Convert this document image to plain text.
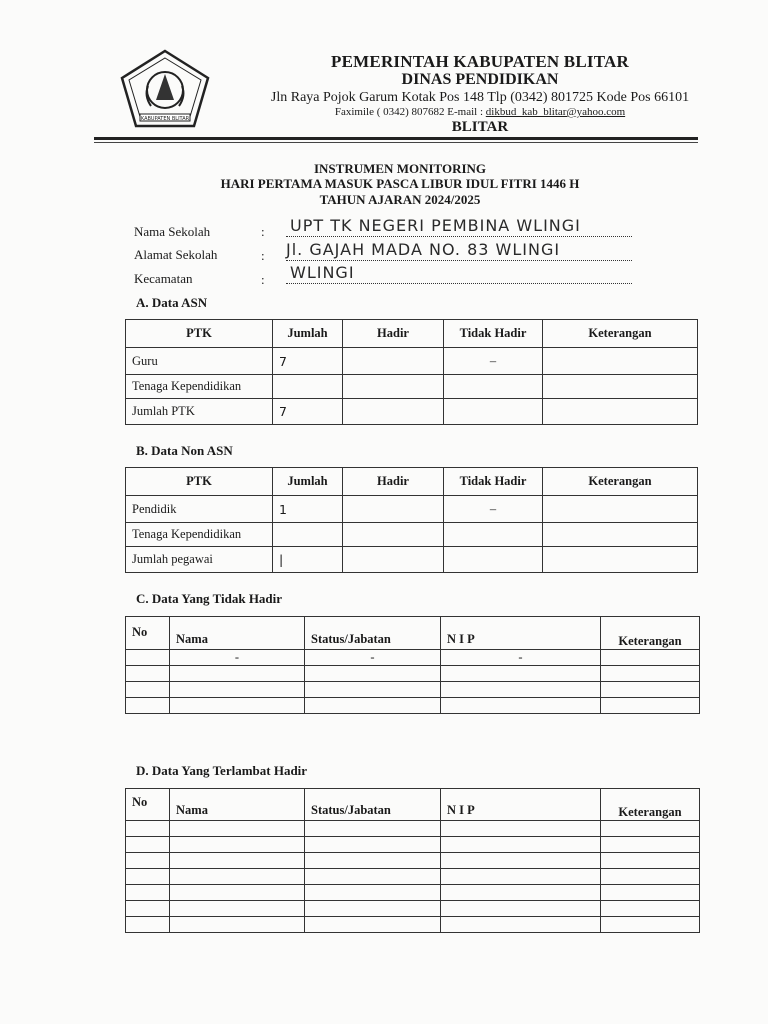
KABUPATEN BLITAR
PEMERINTAH KABUPATEN BLITAR
DINAS PENDIDIKAN
Jln Raya Pojok Garum Kotak Pos 148 Tlp (0342) 801725 Kode Pos 66101
Faximile ( 0342) 807682 E-mail : dikbud_kab_blitar@yahoo.com
BLITAR
INSTRUMEN MONITORING
HARI PERTAMA MASUK PASCA LIBUR IDUL FITRI 1446 H
TAHUN AJARAN 2024/2025
Nama Sekolah	: UPT TK NEGERI PEMBINA WLINGI
Alamat Sekolah	: Jl. GAJAH MADA NO. 83 WLINGI
Kecamatan	: WLINGI
A. Data ASN
PTK	Jumlah	Hadir	Tidak Hadir	Keterangan
Guru	7		–	
Tenaga Kependidikan				
Jumlah PTK	7			
B. Data Non ASN
PTK	Jumlah	Hadir	Tidak Hadir	Keterangan
Pendidik	1		–	
Tenaga Kependidikan				
Jumlah pegawai	|			
C. Data Yang Tidak Hadir
No	Nama	Status/Jabatan	N I P	Keterangan
	-	-	-	

D. Data Yang Terlambat Hadir
No	Nama	Status/Jabatan	N I P	Keterangan
